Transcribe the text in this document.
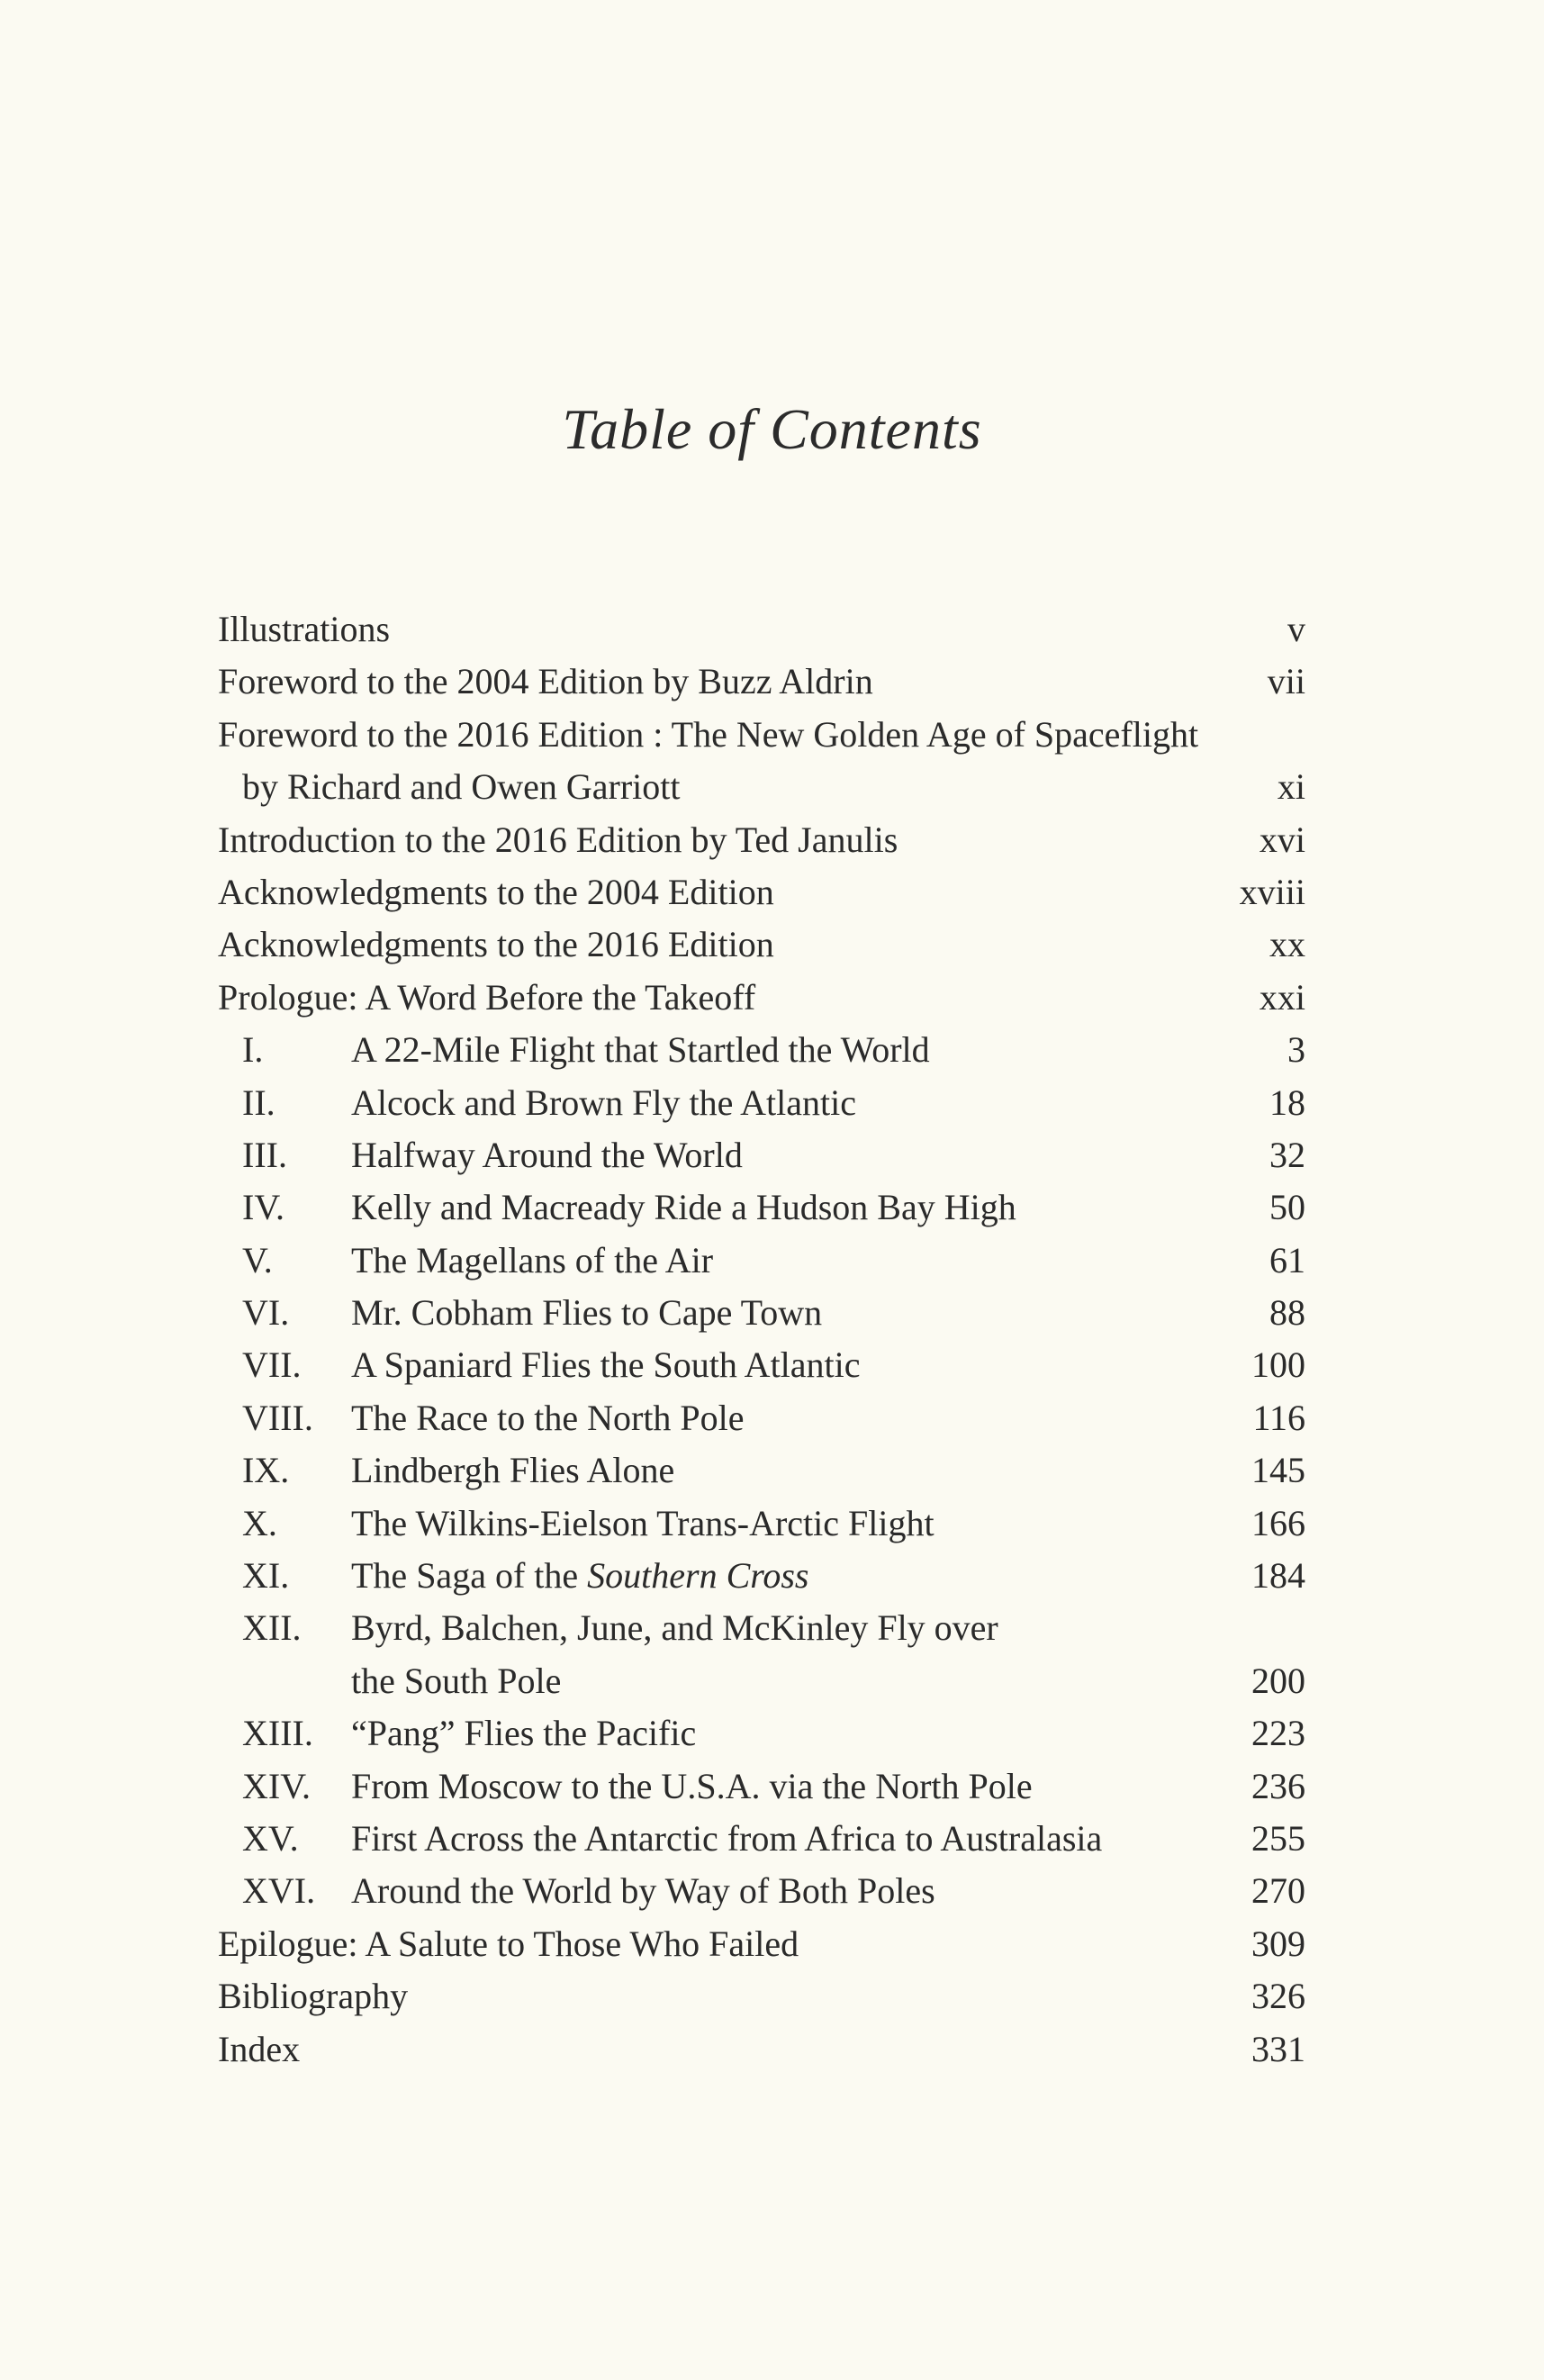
Table of Contents
Illustrations	v
Foreword to the 2004 Edition by Buzz Aldrin	vii
Foreword to the 2016 Edition : The New Golden Age of Spaceflight
by Richard and Owen Garriott	xi
Introduction to the 2016 Edition by Ted Janulis	xvi
Acknowledgments to the 2004 Edition	xviii
Acknowledgments to the 2016 Edition	xx
Prologue: A Word Before the Takeoff	xxi
I. A 22-Mile Flight that Startled the World	3
II. Alcock and Brown Fly the Atlantic	18
III. Halfway Around the World	32
IV. Kelly and Macready Ride a Hudson Bay High	50
V. The Magellans of the Air	61
VI. Mr. Cobham Flies to Cape Town	88
VII. A Spaniard Flies the South Atlantic	100
VIII. The Race to the North Pole	116
IX. Lindbergh Flies Alone	145
X. The Wilkins-Eielson Trans-Arctic Flight	166
XI. The Saga of the Southern Cross	184
XII. Byrd, Balchen, June, and McKinley Fly over
the South Pole	200
XIII. “Pang” Flies the Pacific	223
XIV. From Moscow to the U.S.A. via the North Pole	236
XV. First Across the Antarctic from Africa to Australasia	255
XVI. Around the World by Way of Both Poles	270
Epilogue: A Salute to Those Who Failed	309
Bibliography	326
Index	331
